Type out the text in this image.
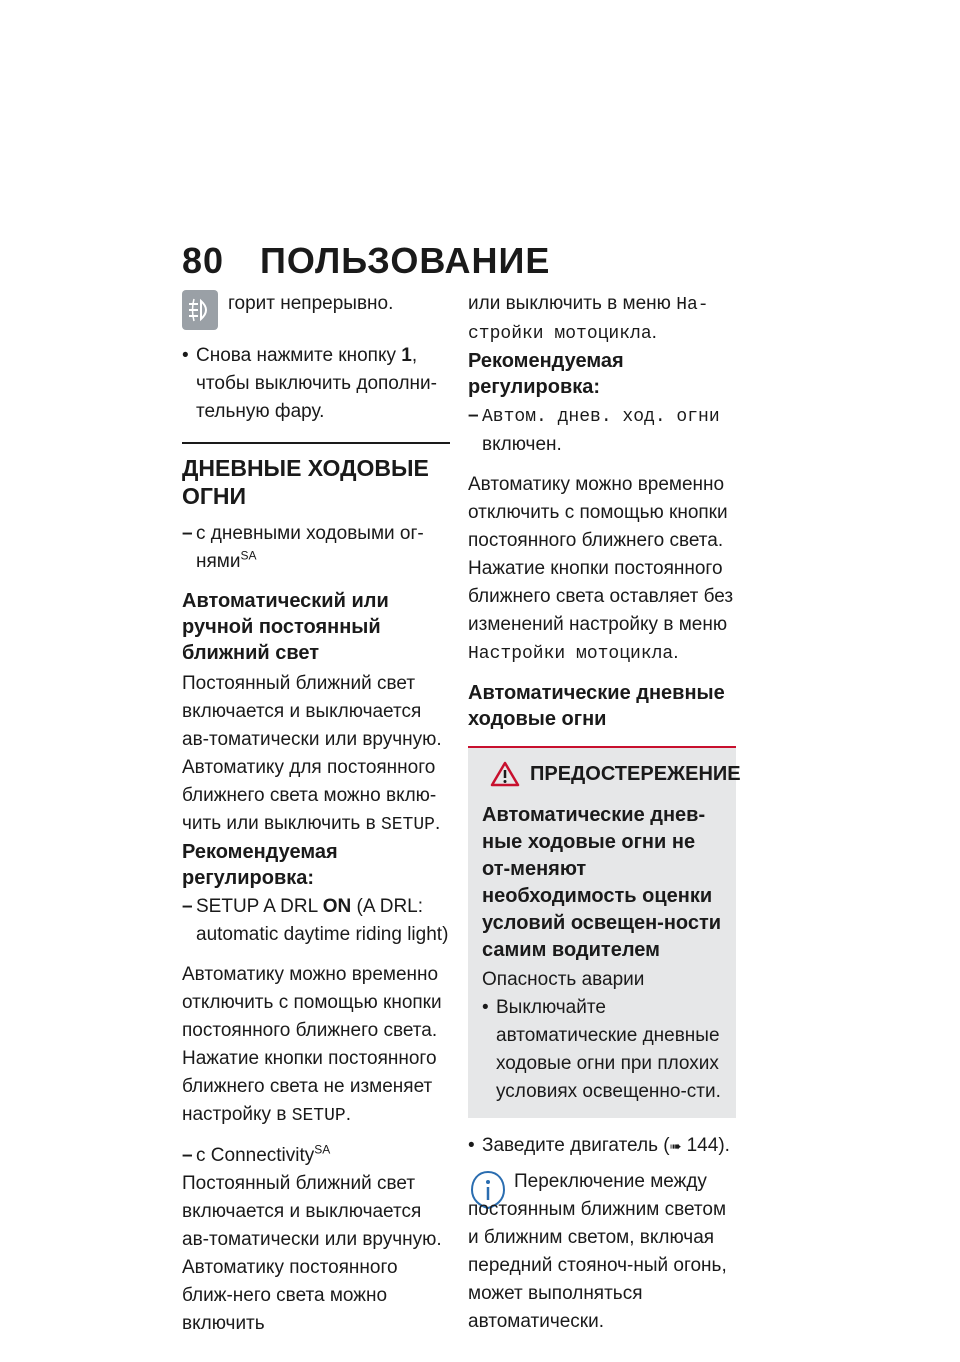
80 ПОЛЬЗОВАНИЕ
горит непрерывно.
• Снова нажмите кнопку 1, чтобы выключить дополни-тельную фару.
ДНЕВНЫЕ ХОДОВЫЕ ОГНИ
– с дневными ходовыми ог-нями$^{SA}$
Автоматический или ручной постоянный ближний свет

Постоянный ближний свет включается и выключается ав-томатически или вручную. Автоматику для постоянного ближнего света можно вклю-чить или выключить в SETUP.

Рекомендуемая регулировка:
– SETUP A DRL ON (A DRL: automatic daytime riding light)

Автоматику можно временно отключить с помощью кнопки постоянного ближнего света. Нажатие кнопки постоянного ближнего света не изменяет настройку в SETUP.

– с Connectivity$^{SA}$

Постоянный ближний свет включается и выключается ав-томатически или вручную. Автоматику постоянного ближ-него света можно включить

или выключить в меню На-стройки мотоцикла.

Рекомендуемая регулировка:
– Автом. днев. ход. огни включен.

Автоматику можно временно отключить с помощью кнопки постоянного ближнего света. Нажатие кнопки постоянного ближнего света оставляет без изменений настройку в меню Настройки мотоцикла.

Автоматические дневные ходовые огни
ПРЕДОСТЕРЕЖЕНИЕ
Автоматические днев-ные ходовые огни не от-меняют необходимость оценки условий освещен-ности самим водителем
Опасность аварии
• Выключайте автоматические дневные ходовые огни при плохих условиях освещенно-сти.
• Заведите двигатель (➠ 144).
Переключение между постоянным ближним светом и ближним светом, включая передний стояноч-ный огонь, может выполняться автоматически.
